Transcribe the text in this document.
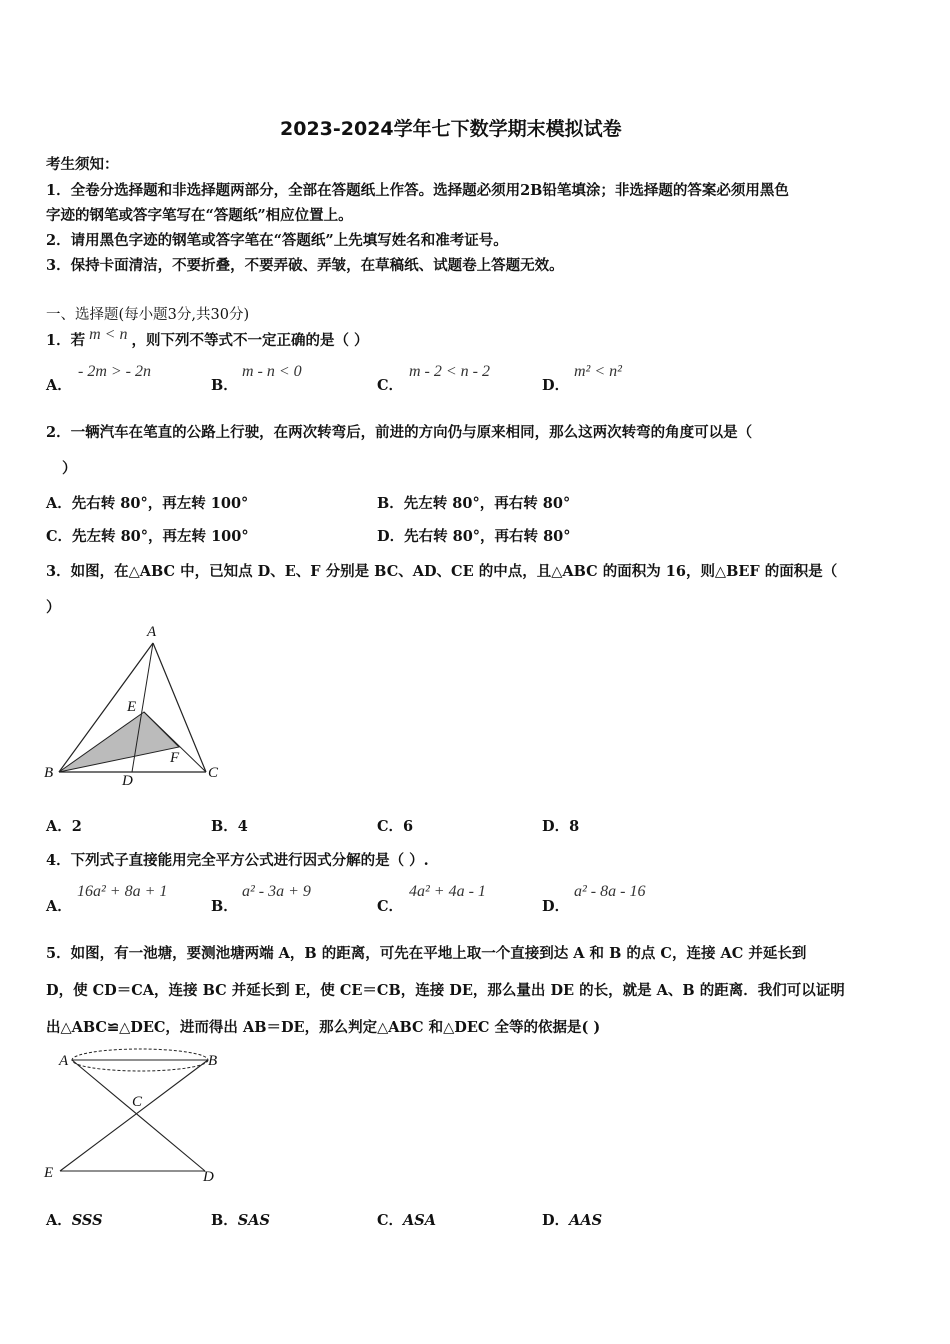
2023-2024学年七下数学期末模拟试卷
考生须知：
1．全卷分选择题和非选择题两部分，全部在答题纸上作答。选择题必须用2B铅笔填涂；非选择题的答案必须用黑色
字迹的钢笔或答字笔写在“答题纸”相应位置上。
2．请用黑色字迹的钢笔或答字笔在“答题纸”上先填写姓名和准考证号。
3．保持卡面清洁，不要折叠，不要弄破、弄皱，在草稿纸、试题卷上答题无效。
一、选择题(每小题3分,共30分)
1．若 m < n ，则下列不等式不一定正确的是（ ）
A．
- 2m > - 2n
B．
m - n < 0
C．
m - 2 < n - 2
D．
m² < n²
2．一辆汽车在笔直的公路上行驶，在两次转弯后，前进的方向仍与原来相同，那么这两次转弯的角度可以是（
）
A．先右转 80°，再左转 100°	B．先左转 80°，再右转 80°
C．先左转 80°，再左转 100°	D．先右转 80°，再右转 80°
3．如图，在△ABC 中，已知点 D、E、F 分别是 BC、AD、CE 的中点，且△ABC 的面积为 16，则△BEF 的面积是（
）
A
B	C
D
E
F
A．2	B．4	C．6	D．8
4．下列式子直接能用完全平方公式进行因式分解的是（ ）.
A．
16a² + 8a + 1
B．
a² - 3a + 9
C．
4a² + 4a - 1
D．
a² - 8a - 16
5．如图，有一池塘，要测池塘两端 A，B 的距离，可先在平地上取一个直接到达 A 和 B 的点 C，连接 AC 并延长到
D，使 CD＝CA，连接 BC 并延长到 E，使 CE＝CB，连接 DE，那么量出 DE 的长，就是 A、B 的距离．我们可以证明
出△ABC≌△DEC，进而得出 AB＝DE，那么判定△ABC 和△DEC 全等的依据是( )
A	B
C
E	D
A．SSS	B．SAS	C．ASA	D．AAS
